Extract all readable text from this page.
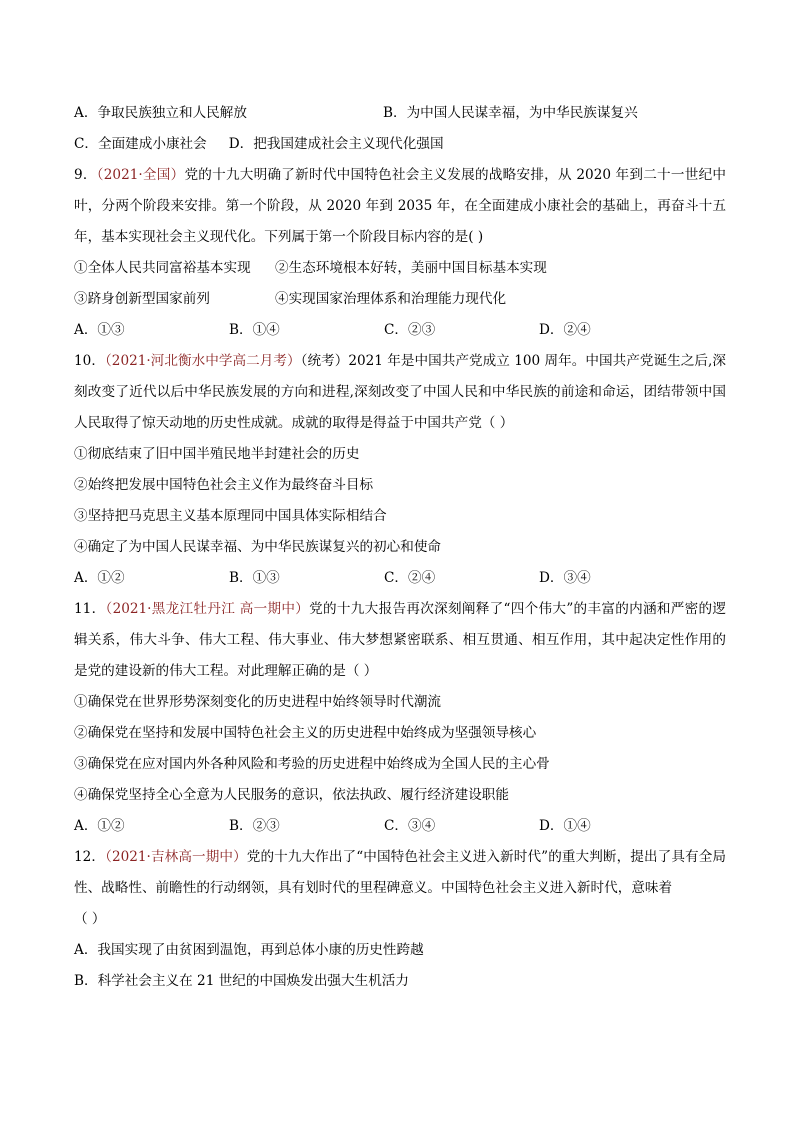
A．争取民族独立和人民解放	B．为中国人民谋幸福，为中华民族谋复兴
C．全面建成小康社会 D．把我国建成社会主义现代化强国
9．（2021·全国）党的十九大明确了新时代中国特色社会主义发展的战略安排，从 2020 年到二十一世纪中叶，分两个阶段来安排。第一个阶段，从 2020 年到 2035 年，在全面建成小康社会的基础上，再奋斗十五年，基本实现社会主义现代化。下列属于第一个阶段目标内容的是( )
①全体人民共同富裕基本实现	②生态环境根本好转，美丽中国目标基本实现
③跻身创新型国家前列	④实现国家治理体系和治理能力现代化
A．①③	B．①④	C．②③	D．②④
10．（2021·河北衡水中学高二月考）（统考）2021 年是中国共产党成立 100 周年。中国共产党诞生之后,深刻改变了近代以后中华民族发展的方向和进程,深刻改变了中国人民和中华民族的前途和命运，团结带领中国人民取得了惊天动地的历史性成就。成就的取得是得益于中国共产党（ ）
①彻底结束了旧中国半殖民地半封建社会的历史
②始终把发展中国特色社会主义作为最终奋斗目标
③坚持把马克思主义基本原理同中国具体实际相结合
④确定了为中国人民谋幸福、为中华民族谋复兴的初心和使命
A．①②	B．①③	C．②④	D．③④
11．（2021·黑龙江牡丹江 高一期中）党的十九大报告再次深刻阐释了“四个伟大”的丰富的内涵和严密的逻辑关系，伟大斗争、伟大工程、伟大事业、伟大梦想紧密联系、相互贯通、相互作用，其中起决定性作用的是党的建设新的伟大工程。对此理解正确的是（ ）
①确保党在世界形势深刻变化的历史进程中始终领导时代潮流
②确保党在坚持和发展中国特色社会主义的历史进程中始终成为坚强领导核心
③确保党在应对国内外各种风险和考验的历史进程中始终成为全国人民的主心骨
④确保党坚持全心全意为人民服务的意识，依法执政、履行经济建设职能
A．①②	B．②③	C．③④	D．①④
12．（2021·吉林高一期中）党的十九大作出了“中国特色社会主义进入新时代”的重大判断，提出了具有全局性、战略性、前瞻性的行动纲领，具有划时代的里程碑意义。中国特色社会主义进入新时代，意味着
（ ）
A．我国实现了由贫困到温饱，再到总体小康的历史性跨越
B．科学社会主义在 21 世纪的中国焕发出强大生机活力
